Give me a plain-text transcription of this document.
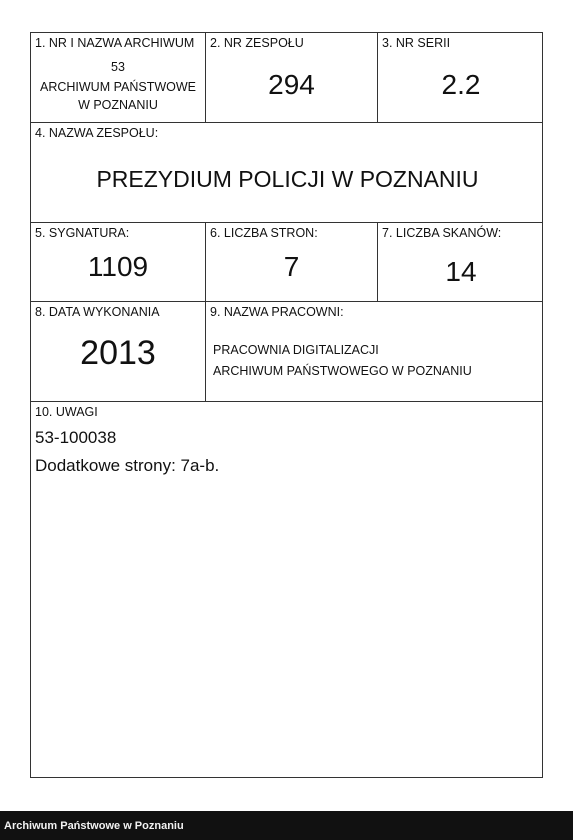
1. NR I NAZWA ARCHIWUM
53
ARCHIWUM PAŃSTWOWE
W POZNANIU
2. NR ZESPOŁU
294
3. NR SERII
2.2
4. NAZWA ZESPOŁU:
PREZYDIUM POLICJI W POZNANIU
5. SYGNATURA:
1109
6. LICZBA STRON:
7
7. LICZBA SKANÓW:
14
8. DATA WYKONANIA
2013
9. NAZWA PRACOWNI:
PRACOWNIA DIGITALIZACJI
ARCHIWUM PAŃSTWOWEGO W POZNANIU
10. UWAGI
53-100038
Dodatkowe strony: 7a-b.
Archiwum Państwowe w Poznaniu
